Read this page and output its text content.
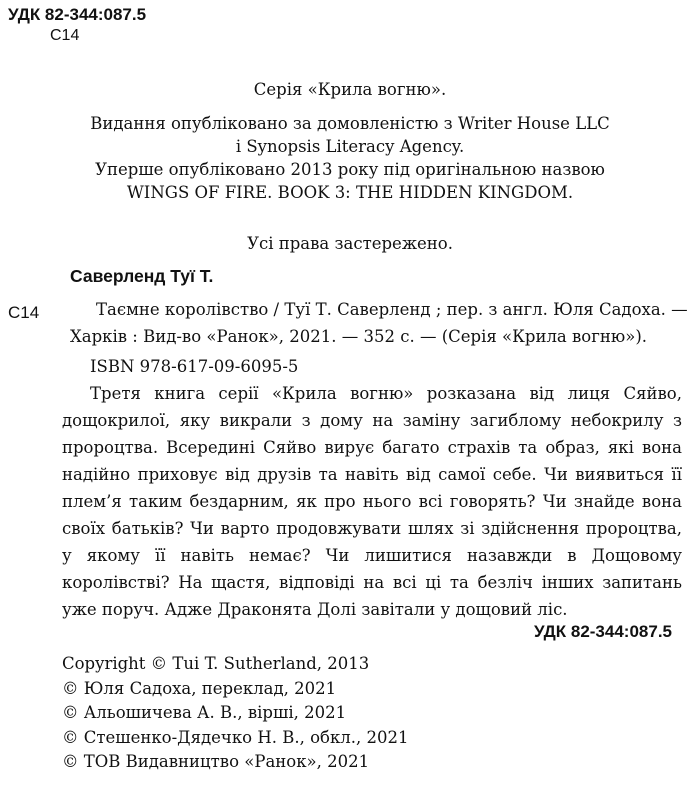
УДК 82-344:087.5
С14
Серія «Крила вогню».
Видання опубліковано за домовленістю з Writer House LLC
і Synopsis Literacy Agency.
Уперше опубліковано 2013 року під оригінальною назвою
WINGS OF FIRE. BOOK 3: THE HIDDEN KINGDOM.
Усі права застережено.
Саверленд Туї Т.
С14	Таємне королівство / Туї Т. Саверленд ; пер. з англ. Юля Садоха. —
Харків : Вид-во «Ранок», 2021. — 352 с. — (Серія «Крила вогню»).
ISBN 978-617-09-6095-5

Третя книга серії «Крила вогню» розказана від лиця Сяйво, дощокрилої, яку викрали з дому на заміну загиблому небокрилу з пророцтва. Всередині Сяйво вирує багато страхів та образ, які вона надійно приховує від друзів та навіть від самої себе. Чи виявиться її плем’я таким бездарним, як про нього всі говорять? Чи знайде вона своїх батьків? Чи варто продовжувати шлях зі здійснення пророцтва, у якому її навіть немає? Чи лишитися назавжди в Дощовому королівстві? На щастя, відповіді на всі ці та безліч інших запитань уже поруч. Адже Драконята Долі завітали у дощовий ліс.

УДК 82-344:087.5
Copyright © Tui T. Sutherland, 2013
© Юля Садоха, переклад, 2021
© Альошичева А. В., вірші, 2021
© Стешенко-Дядечко Н. В., обкл., 2021
© ТОВ Видавництво «Ранок», 2021
